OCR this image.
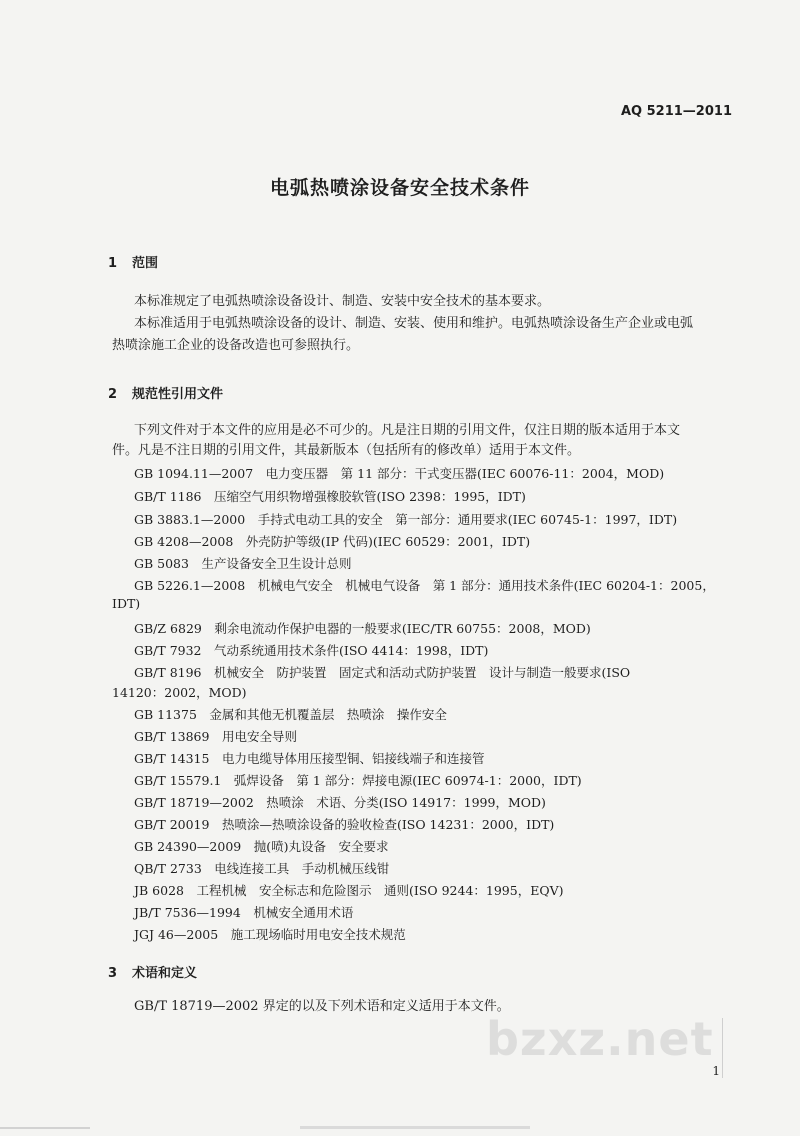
AQ 5211—2011
电弧热喷涂设备安全技术条件
1 范围
本标准规定了电弧热喷涂设备设计、制造、安装中安全技术的基本要求。
本标准适用于电弧热喷涂设备的设计、制造、安装、使用和维护。电弧热喷涂设备生产企业或电弧
热喷涂施工企业的设备改造也可参照执行。
2 规范性引用文件
下列文件对于本文件的应用是必不可少的。凡是注日期的引用文件，仅注日期的版本适用于本文
件。凡是不注日期的引用文件，其最新版本（包括所有的修改单）适用于本文件。
GB 1094.11—2007　电力变压器　第 11 部分：干式变压器(IEC 60076-11：2004，MOD)
GB/T 1186　压缩空气用织物增强橡胶软管(ISO 2398：1995，IDT)
GB 3883.1—2000　手持式电动工具的安全　第一部分：通用要求(IEC 60745-1：1997，IDT)
GB 4208—2008　外壳防护等级(IP 代码)(IEC 60529：2001，IDT)
GB 5083　生产设备安全卫生设计总则
GB 5226.1—2008　机械电气安全　机械电气设备　第 1 部分：通用技术条件(IEC 60204-1：2005，
IDT)
GB/Z 6829　剩余电流动作保护电器的一般要求(IEC/TR 60755：2008，MOD)
GB/T 7932　气动系统通用技术条件(ISO 4414：1998，IDT)
GB/T 8196　机械安全　防护装置　固定式和活动式防护装置　设计与制造一般要求(ISO
14120：2002，MOD)
GB 11375　金属和其他无机覆盖层　热喷涂　操作安全
GB/T 13869　用电安全导则
GB/T 14315　电力电缆导体用压接型铜、铝接线端子和连接管
GB/T 15579.1　弧焊设备　第 1 部分：焊接电源(IEC 60974-1：2000，IDT)
GB/T 18719—2002　热喷涂　术语、分类(ISO 14917：1999，MOD)
GB/T 20019　热喷涂—热喷涂设备的验收检查(ISO 14231：2000，IDT)
GB 24390—2009　抛(喷)丸设备　安全要求
QB/T 2733　电线连接工具　手动机械压线钳
JB 6028　工程机械　安全标志和危险图示　通则(ISO 9244：1995，EQV)
JB/T 7536—1994　机械安全通用术语
JGJ 46—2005　施工现场临时用电安全技术规范
3 术语和定义
GB/T 18719—2002 界定的以及下列术语和定义适用于本文件。
bzxz.net
1
